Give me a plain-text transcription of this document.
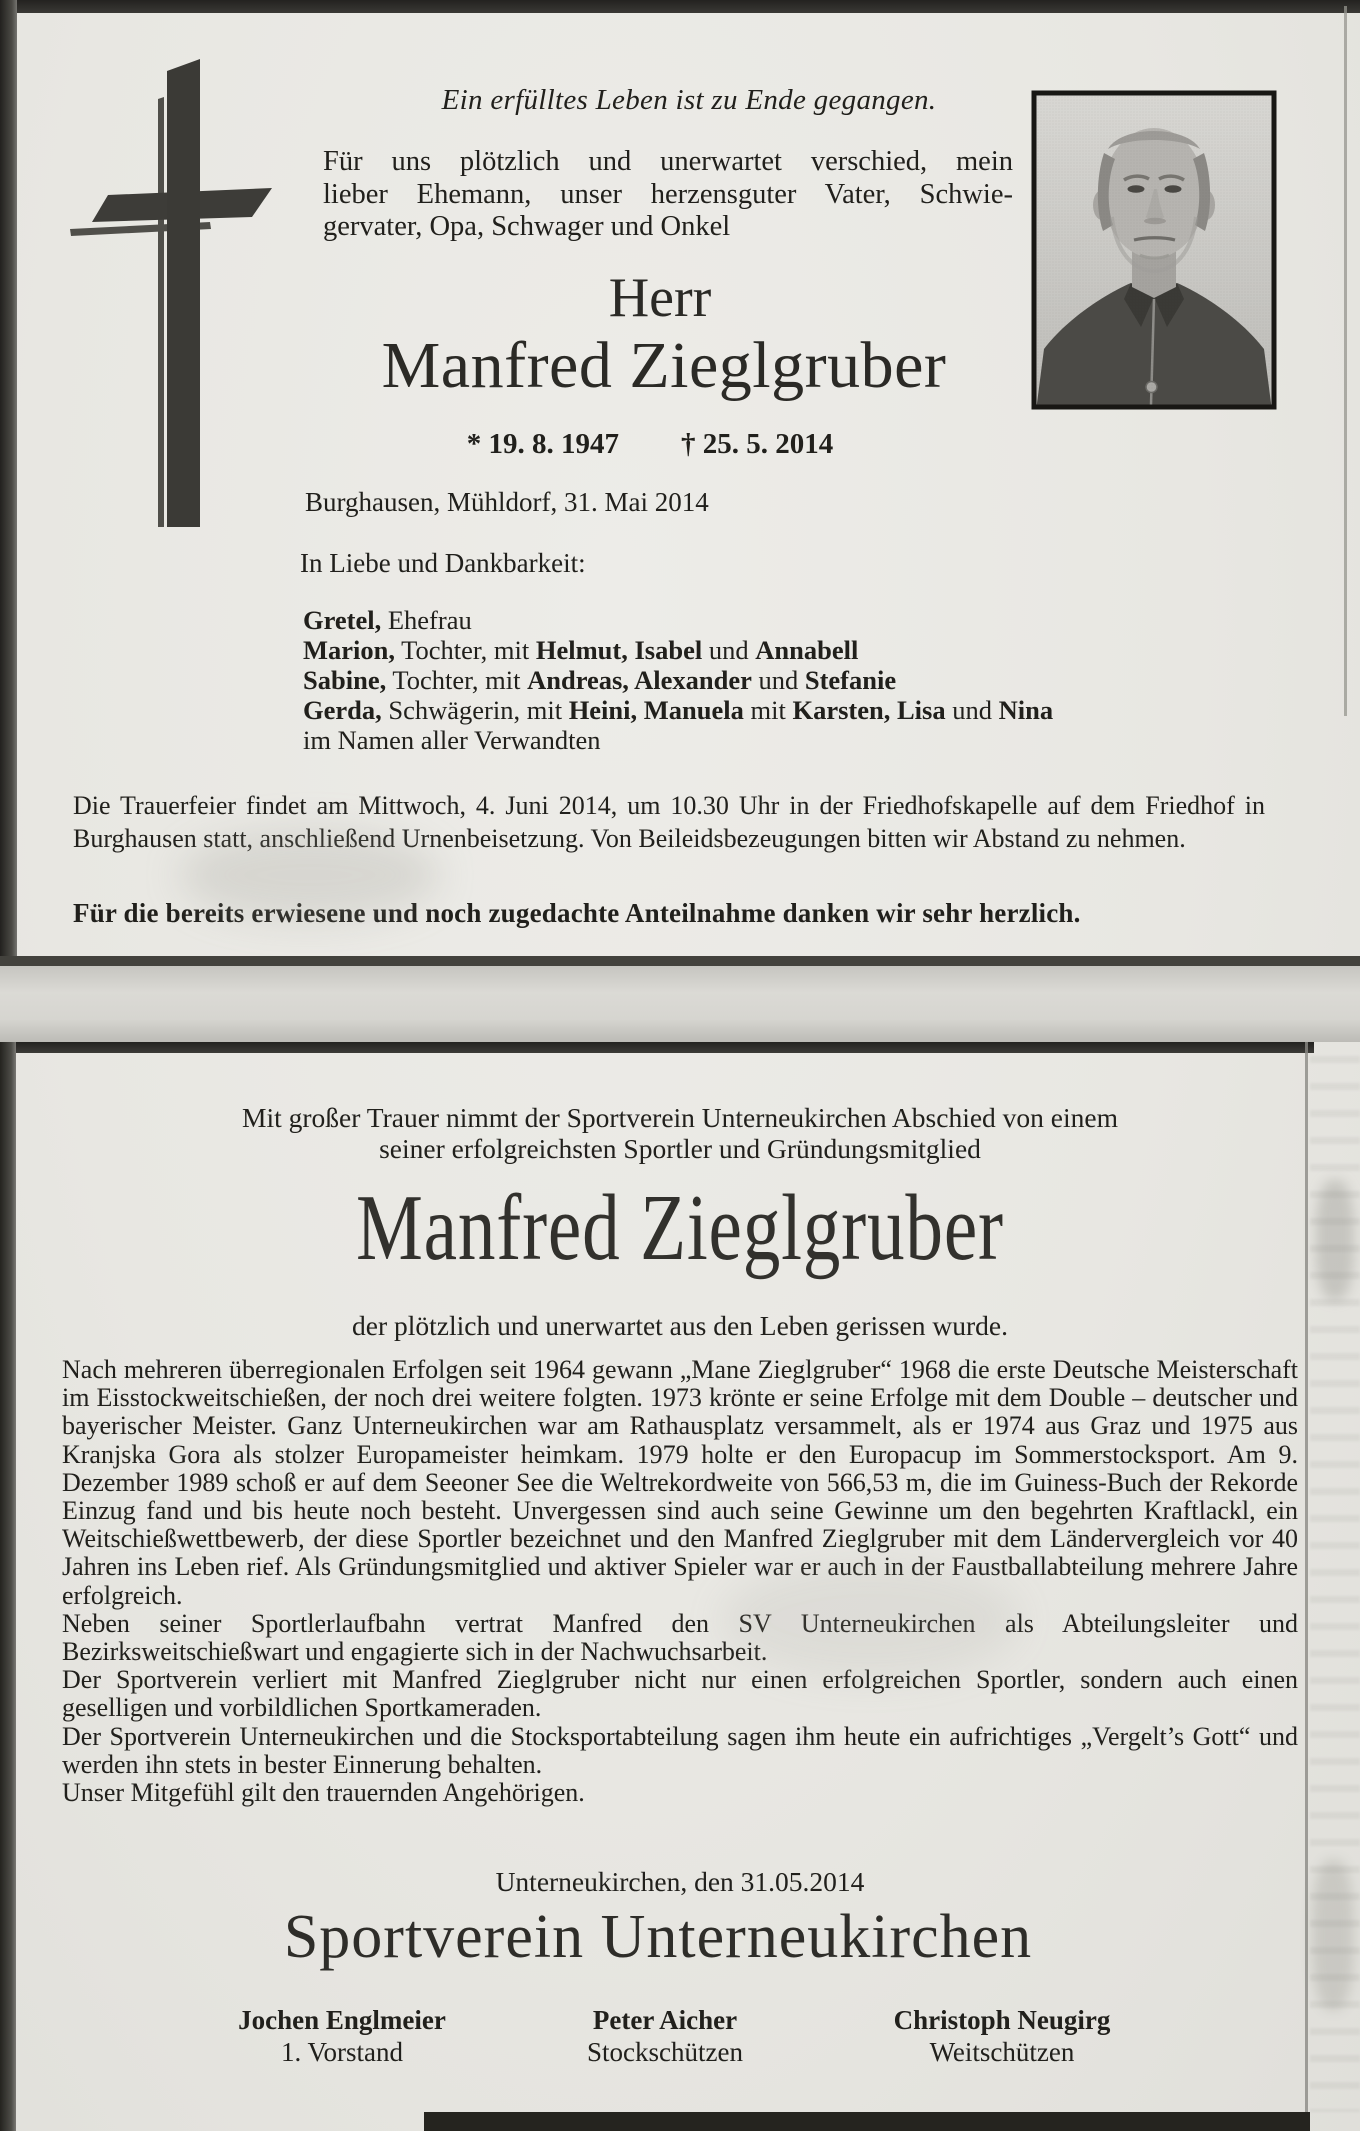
Ein erfülltes Leben ist zu Ende gegangen.
Für uns plötzlich und unerwartet verschied, mein
lieber Ehemann, unser herzensguter Vater, Schwie-
gervater, Opa, Schwager und Onkel
Herr
Manfred Zieglgruber
* 19. 8. 1947 † 25. 5. 2014
Burghausen, Mühldorf, 31. Mai 2014
In Liebe und Dankbarkeit:
Gretel, Ehefrau
Marion, Tochter, mit Helmut, Isabel und Annabell
Sabine, Tochter, mit Andreas, Alexander und Stefanie
Gerda, Schwägerin, mit Heini, Manuela mit Karsten, Lisa und Nina
im Namen aller Verwandten
Die Trauerfeier findet am Mittwoch, 4. Juni 2014, um 10.30 Uhr in der Friedhofskapelle auf dem Friedhof in Burghausen statt, anschließend Urnenbeisetzung. Von Beileidsbezeugungen bitten wir Abstand zu nehmen.
Für die bereits erwiesene und noch zugedachte Anteilnahme danken wir sehr herzlich.
Mit großer Trauer nimmt der Sportverein Unterneukirchen Abschied von einem
seiner erfolgreichsten Sportler und Gründungsmitglied
Manfred Zieglgruber
der plötzlich und unerwartet aus den Leben gerissen wurde.

Nach mehreren überregionalen Erfolgen seit 1964 gewann „Mane Zieglgruber“ 1968 die erste Deutsche Meisterschaft im Eisstockweitschießen, der noch drei weitere folgten. 1973 krönte er seine Erfolge mit dem Double – deutscher und bayerischer Meister. Ganz Unterneukirchen war am Rathausplatz versammelt, als er 1974 aus Graz und 1975 aus Kranjska Gora als stolzer Europameister heimkam. 1979 holte er den Europacup im Sommerstocksport. Am 9. Dezember 1989 schoß er auf dem Seeoner See die Weltrekordweite von 566,53 m, die im Guiness-Buch der Rekorde Einzug fand und bis heute noch besteht. Unvergessen sind auch seine Gewinne um den begehrten Kraftlackl, ein Weitschießwettbewerb, der diese Sportler bezeichnet und den Manfred Zieglgruber mit dem Ländervergleich vor 40 Jahren ins Leben rief. Als Gründungsmitglied und aktiver Spieler war er auch in der Faustballabteilung mehrere Jahre erfolgreich.

Neben seiner Sportlerlaufbahn vertrat Manfred den SV Unterneukirchen als Abteilungsleiter und Bezirksweitschießwart und engagierte sich in der Nachwuchsarbeit.

Der Sportverein verliert mit Manfred Zieglgruber nicht nur einen erfolgreichen Sportler, sondern auch einen geselligen und vorbildlichen Sportkameraden.

Der Sportverein Unterneukirchen und die Stocksportabteilung sagen ihm heute ein aufrichtiges „Vergelt’s Gott“ und werden ihn stets in bester Einnerung behalten.

Unser Mitgefühl gilt den trauernden Angehörigen.

Unterneukirchen, den 31.05.2014
Sportverein Unterneukirchen
Jochen Englmeier
1. Vorstand
Peter Aicher
Stockschützen
Christoph Neugirg
Weitschützen
